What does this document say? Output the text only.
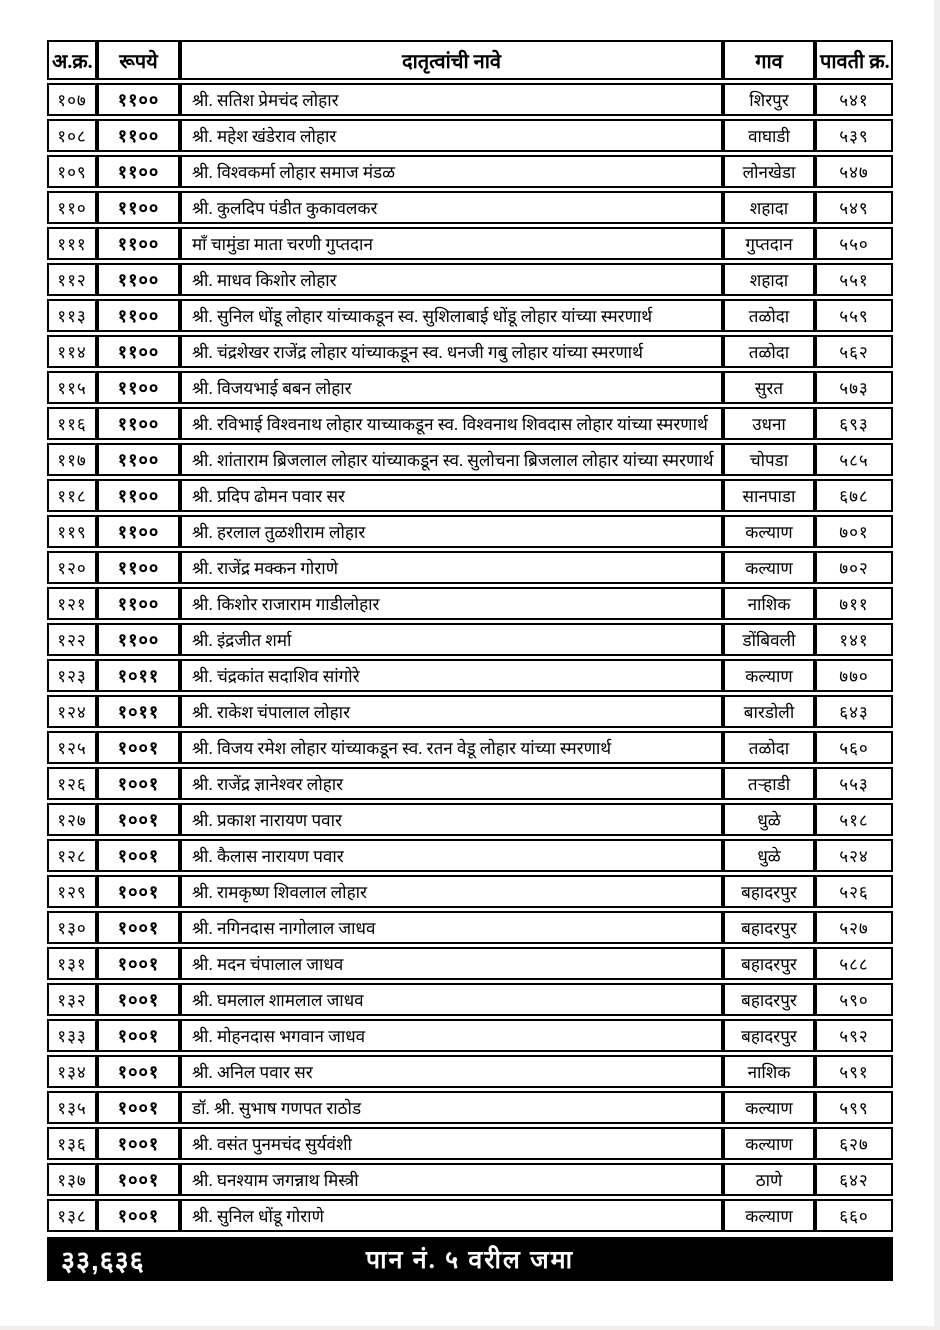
अ.क्र.	रूपये	दातृत्वांची नावे	गाव	पावती क्र.
१०७	११००	श्री. सतिश प्रेमचंद लोहार	शिरपुर	५४१
१०८	११००	श्री. महेश खंडेराव लोहार	वाघाडी	५३९
१०९	११००	श्री. विश्वकर्मा लोहार समाज मंडळ	लोनखेडा	५४७
११०	११००	श्री. कुलदिप पंडीत कुकावलकर	शहादा	५४९
१११	११००	माँ चामुंडा माता चरणी गुप्तदान	गुप्तदान	५५०
११२	११००	श्री. माधव किशोर लोहार	शहादा	५५१
११३	११००	श्री. सुनिल धोंडू लोहार यांच्याकडून स्व. सुशिलाबाई धोंडू लोहार यांच्या स्मरणार्थ	तळोदा	५५९
११४	११००	श्री. चंद्रशेखर राजेंद्र लोहार यांच्याकडून स्व. धनजी गबु लोहार यांच्या स्मरणार्थ	तळोदा	५६२
११५	११००	श्री. विजयभाई बबन लोहार	सुरत	५७३
११६	११००	श्री. रविभाई विश्वनाथ लोहार याच्याकडून स्व. विश्वनाथ शिवदास लोहार यांच्या स्मरणार्थ	उधना	६९३
११७	११००	श्री. शांताराम ब्रिजलाल लोहार यांच्याकडून स्व. सुलोचना ब्रिजलाल लोहार यांच्या स्मरणार्थ	चोपडा	५८५
११८	११००	श्री. प्रदिप ढोमन पवार सर	सानपाडा	६७८
११९	११००	श्री. हरलाल तुळशीराम लोहार	कल्याण	७०१
१२०	११००	श्री. राजेंद्र मक्कन गोराणे	कल्याण	७०२
१२१	११००	श्री. किशोर राजाराम गाडीलोहार	नाशिक	७११
१२२	११००	श्री. इंद्रजीत शर्मा	डोंबिवली	१४१
१२३	१०११	श्री. चंद्रकांत सदाशिव सांगोरे	कल्याण	७७०
१२४	१०११	श्री. राकेश चंपालाल लोहार	बारडोली	६४३
१२५	१००१	श्री. विजय रमेश लोहार यांच्याकडून स्व. रतन वेडू लोहार यांच्या स्मरणार्थ	तळोदा	५६०
१२६	१००१	श्री. राजेंद्र ज्ञानेश्वर लोहार	तऱ्हाडी	५५३
१२७	१००१	श्री. प्रकाश नारायण पवार	धुळे	५१८
१२८	१००१	श्री. कैलास नारायण पवार	धुळे	५२४
१२९	१००१	श्री. रामकृष्ण शिवलाल लोहार	बहादरपुर	५२६
१३०	१००१	श्री. नगिनदास नागोलाल जाधव	बहादरपुर	५२७
१३१	१००१	श्री. मदन चंपालाल जाधव	बहादरपुर	५८८
१३२	१००१	श्री. घमलाल शामलाल जाधव	बहादरपुर	५९०
१३३	१००१	श्री. मोहनदास भगवान जाधव	बहादरपुर	५९२
१३४	१००१	श्री. अनिल पवार सर	नाशिक	५९१
१३५	१००१	डॉ. श्री. सुभाष गणपत राठोड	कल्याण	५९९
१३६	१००१	श्री. वसंत पुनमचंद सुर्यवंशी	कल्याण	६२७
१३७	१००१	श्री. घनश्याम जगन्नाथ मिस्त्री	ठाणे	६४२
१३८	१००१	श्री. सुनिल धोंडू गोराणे	कल्याण	६६०
३३,६३६	पान नं. ५ वरील जमा
